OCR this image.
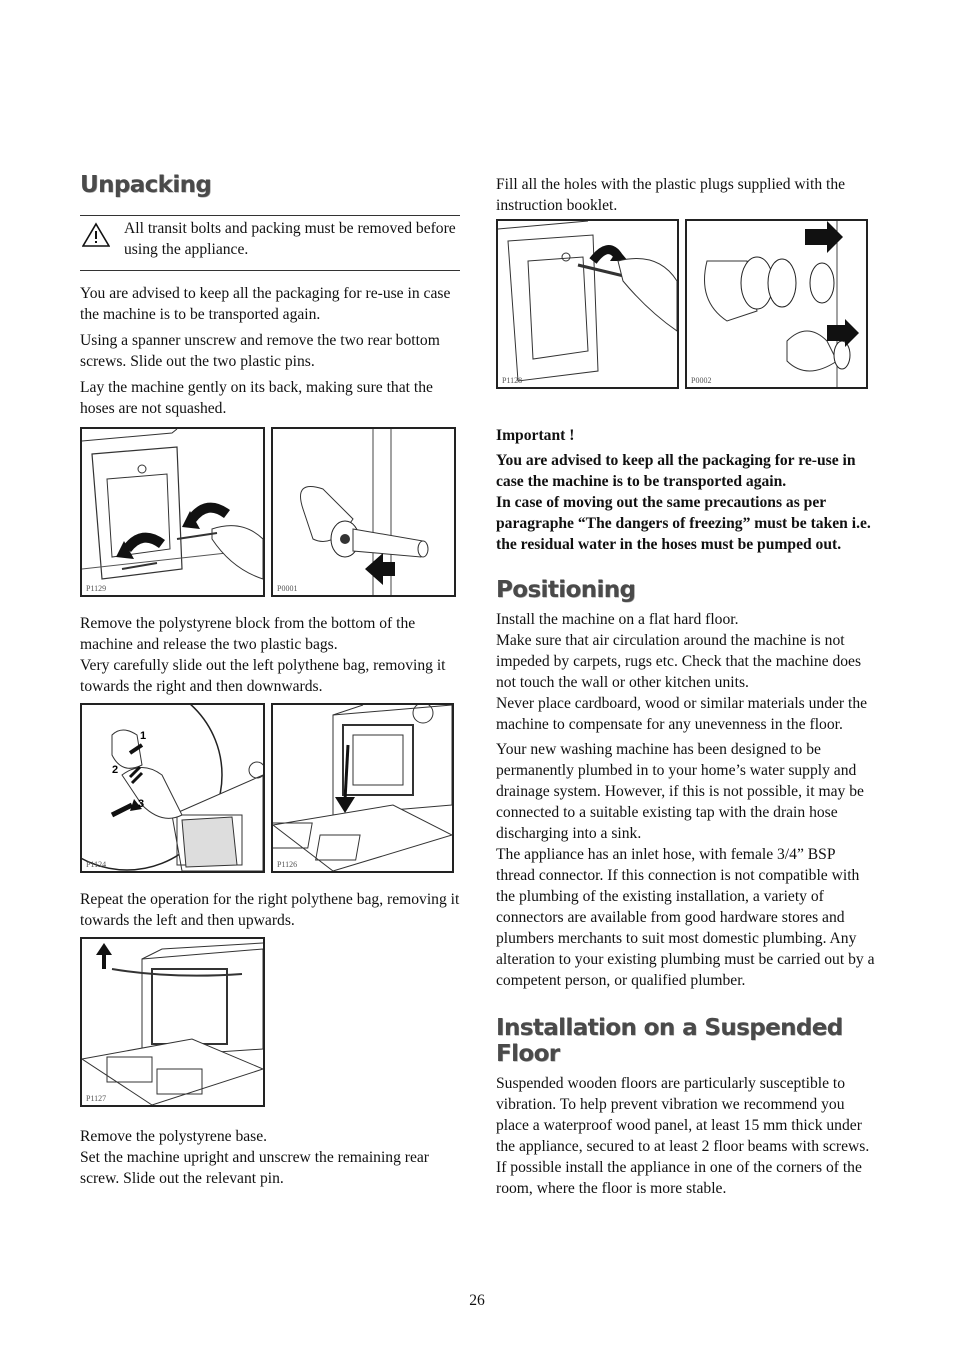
Unpacking

All transit bolts and packing must be removed before using the appliance.

You are advised to keep all the packaging for re-use in case the machine is to be transported again.

Using a spanner unscrew and remove the two rear bottom screws. Slide out the two plastic pins.

Lay the machine gently on its back, making sure that the hoses are not squashed.

P1129	P0001

Remove the polystyrene block from the bottom of the machine and release the two plastic bags.

Very carefully slide out the left polythene bag, removing it towards the right and then downwards.

1
2
3
P1124	P1126

Repeat the operation for the right polythene bag, removing it towards the left and then upwards.

P1127

Remove the polystyrene base.

Set the machine upright and unscrew the remaining rear screw. Slide out the relevant pin.

Fill all the holes with the plastic plugs supplied with the instruction booklet.

P1128	P0002

Important !

You are advised to keep all the packaging for re-use in case the machine is to be transported again.

In case of moving out the same precautions as per paragraphe “The dangers of freezing” must be taken i.e. the residual water in the hoses must be pumped out.

Positioning

Install the machine on a flat hard floor.

Make sure that air circulation around the machine is not impeded by carpets, rugs etc. Check that the machine does not touch the wall or other kitchen units.

Never place cardboard, wood or similar materials under the machine to compensate for any unevenness in the floor.

Your new washing machine has been designed to be permanently plumbed in to your home’s water supply and drainage system. However, if this is not possible, it may be connected to a suitable existing tap with the drain hose discharging into a sink.

The appliance has an inlet hose, with female 3/4” BSP thread connector. If this connection is not compatible with the plumbing of the existing installation, a variety of connectors are available from good hardware stores and plumbers merchants to suit most domestic plumbing. Any alteration to your existing plumbing must be carried out by a competent person, or qualified plumber.

Installation on a Suspended Floor

Suspended wooden floors are particularly susceptible to vibration. To help prevent vibration we recommend you place a waterproof wood panel, at least 15 mm thick under the appliance, secured to at least 2 floor beams with screws. If possible install the appliance in one of the corners of the room, where the floor is more stable.

26
